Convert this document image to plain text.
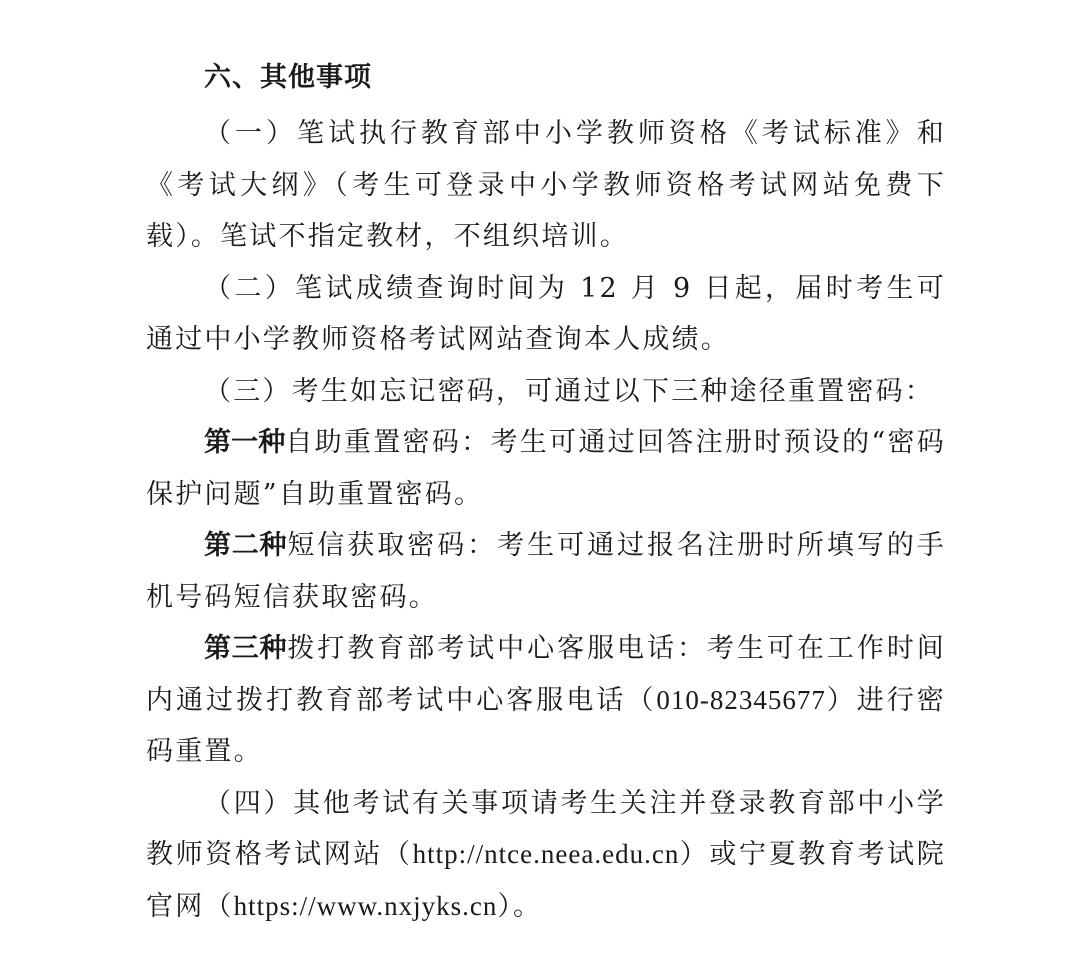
六、其他事项

（一）笔试执行教育部中小学教师资格《考试标准》和《考试大纲》（考生可登录中小学教师资格考试网站免费下载）。笔试不指定教材，不组织培训。

（二）笔试成绩查询时间为 12 月 9 日起，届时考生可通过中小学教师资格考试网站查询本人成绩。

（三）考生如忘记密码，可通过以下三种途径重置密码：

第一种自助重置密码：考生可通过回答注册时预设的“密码保护问题”自助重置密码。

第二种短信获取密码：考生可通过报名注册时所填写的手机号码短信获取密码。

第三种拨打教育部考试中心客服电话：考生可在工作时间内通过拨打教育部考试中心客服电话（010-82345677）进行密码重置。

（四）其他考试有关事项请考生关注并登录教育部中小学教师资格考试网站（http://ntce.neea.edu.cn）或宁夏教育考试院官网（https://www.nxjyks.cn）。
